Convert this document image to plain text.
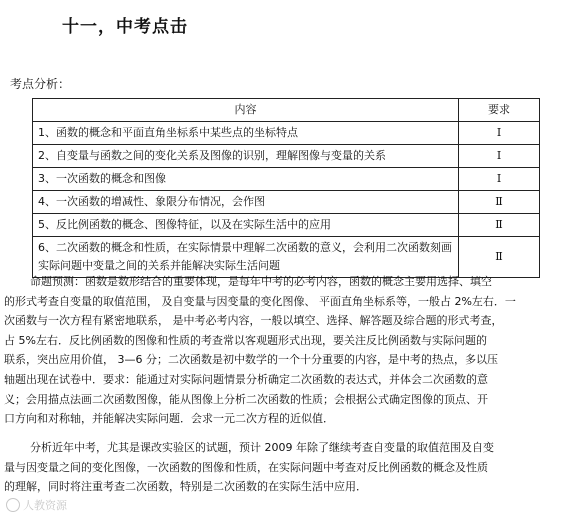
十一，中考点击
考点分析：
内容	要求
1、函数的概念和平面直角坐标系中某些点的坐标特点	Ⅰ
2、自变量与函数之间的变化关系及图像的识别，理解图像与变量的关系	Ⅰ
3、一次函数的概念和图像	Ⅰ
4、一次函数的增减性、象限分布情况，会作图	Ⅱ
5、反比例函数的概念、图像特征，以及在实际生活中的应用	Ⅱ
6、二次函数的概念和性质，在实际情景中理解二次函数的意义，会利用二次函数刻画实际问题中变量之间的关系并能解决实际生活问题	Ⅱ
命题预测：函数是数形结合的重要体现，是每年中考的必考内容，函数的概念主要用选择、填空
的形式考查自变量的取值范围， 及自变量与因变量的变化图像、 平面直角坐标系等，一般占 2%左右．一
次函数与一次方程有紧密地联系， 是中考必考内容，一般以填空、选择、解答题及综合题的形式考查，
占 5%左右．反比例函数的图像和性质的考查常以客观题形式出现，要关注反比例函数与实际问题的
联系，突出应用价值， 3—6 分；二次函数是初中数学的一个十分重要的内容，是中考的热点，多以压
轴题出现在试卷中．要求：能通过对实际问题情景分析确定二次函数的表达式，并体会二次函数的意
义；会用描点法画二次函数图像，能从图像上分析二次函数的性质；会根据公式确定图像的顶点、开
口方向和对称轴，并能解决实际问题．会求一元二次方程的近似值．
分析近年中考，尤其是课改实验区的试题，预计 2009 年除了继续考查自变量的取值范围及自变
量与因变量之间的变化图像，一次函数的图像和性质，在实际问题中考查对反比例函数的概念及性质
的理解，同时将注重考查二次函数，特别是二次函数的在实际生活中应用．
人教资源
